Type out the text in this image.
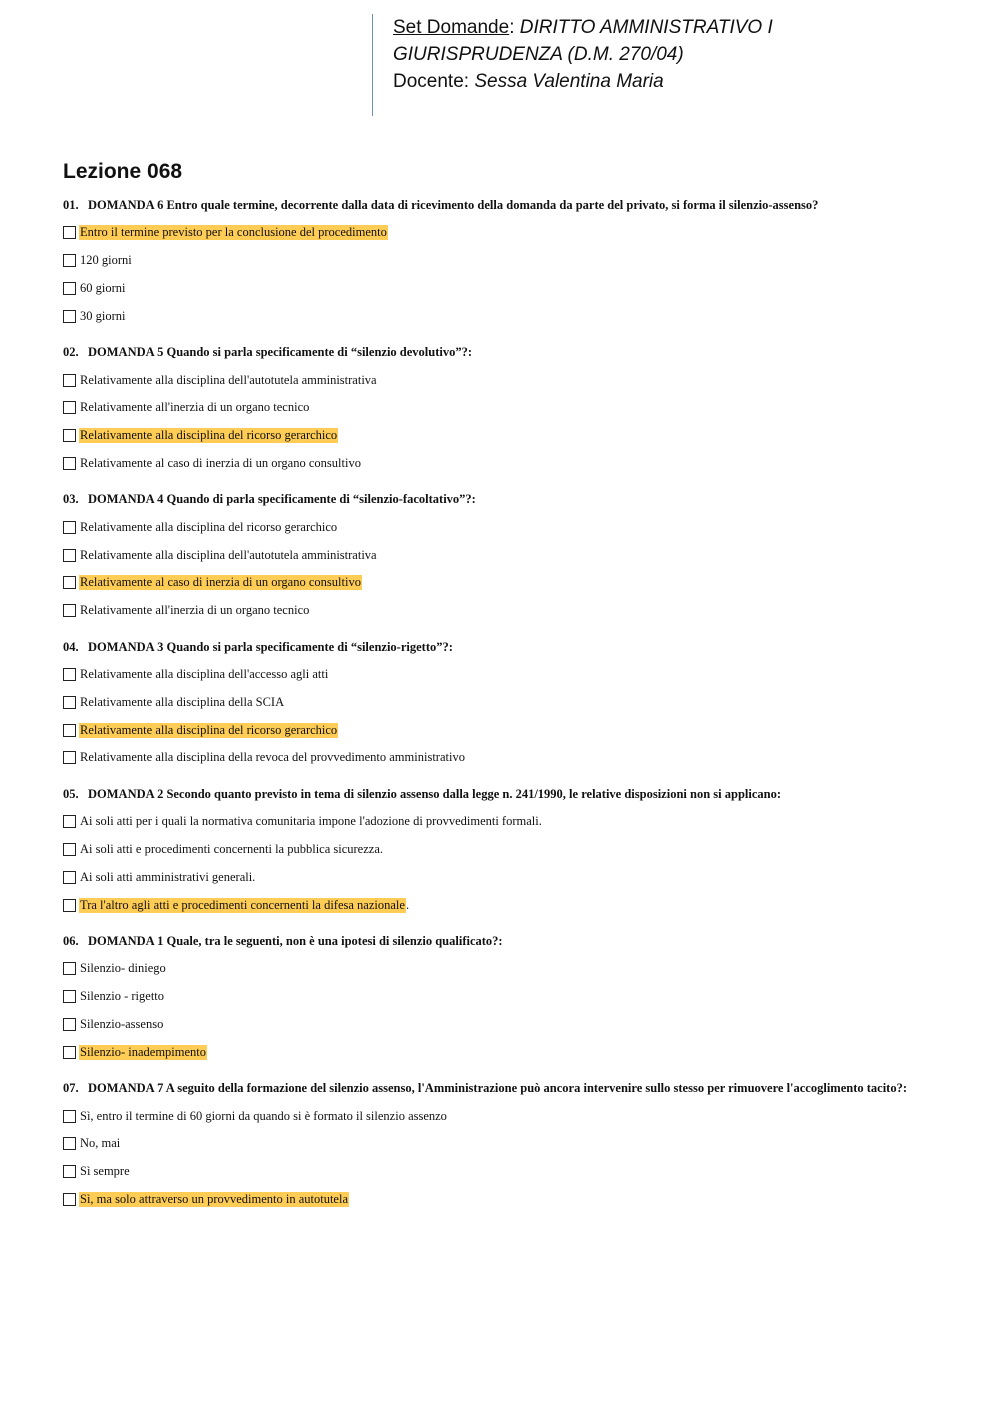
Set Domande: DIRITTO AMMINISTRATIVO I
GIURISPRUDENZA (D.M. 270/04)
Docente: Sessa Valentina Maria
Lezione 068

01. DOMANDA 6 Entro quale termine, decorrente dalla data di ricevimento della domanda da parte del privato, si forma il silenzio-assenso?

Entro il termine previsto per la conclusione del procedimento
120 giorni
60 giorni
30 giorni

02. DOMANDA 5 Quando si parla specificamente di “silenzio devolutivo”?:

Relativamente alla disciplina dell'autotutela amministrativa
Relativamente all'inerzia di un organo tecnico
Relativamente alla disciplina del ricorso gerarchico
Relativamente al caso di inerzia di un organo consultivo

03. DOMANDA 4 Quando di parla specificamente di “silenzio-facoltativo”?:

Relativamente alla disciplina del ricorso gerarchico
Relativamente alla disciplina dell'autotutela amministrativa
Relativamente al caso di inerzia di un organo consultivo
Relativamente all'inerzia di un organo tecnico

04. DOMANDA 3 Quando si parla specificamente di “silenzio-rigetto”?:

Relativamente alla disciplina dell'accesso agli atti
Relativamente alla disciplina della SCIA
Relativamente alla disciplina del ricorso gerarchico
Relativamente alla disciplina della revoca del provvedimento amministrativo

05. DOMANDA 2 Secondo quanto previsto in tema di silenzio assenso dalla legge n. 241/1990, le relative disposizioni non si applicano:

Ai soli atti per i quali la normativa comunitaria impone l'adozione di provvedimenti formali.
Ai soli atti e procedimenti concernenti la pubblica sicurezza.
Ai soli atti amministrativi generali.
Tra l'altro agli atti e procedimenti concernenti la difesa nazionale .

06. DOMANDA 1 Quale, tra le seguenti, non è una ipotesi di silenzio qualificato?:

Silenzio- diniego
Silenzio - rigetto
Silenzio-assenso
Silenzio- inadempimento

07. DOMANDA 7 A seguito della formazione del silenzio assenso, l'Amministrazione può ancora intervenire sullo stesso per rimuovere l'accoglimento tacito?:

Sì, entro il termine di 60 giorni da quando si è formato il silenzio assenzo
No, mai
Sì sempre
Sì, ma solo attraverso un provvedimento in autotutela
